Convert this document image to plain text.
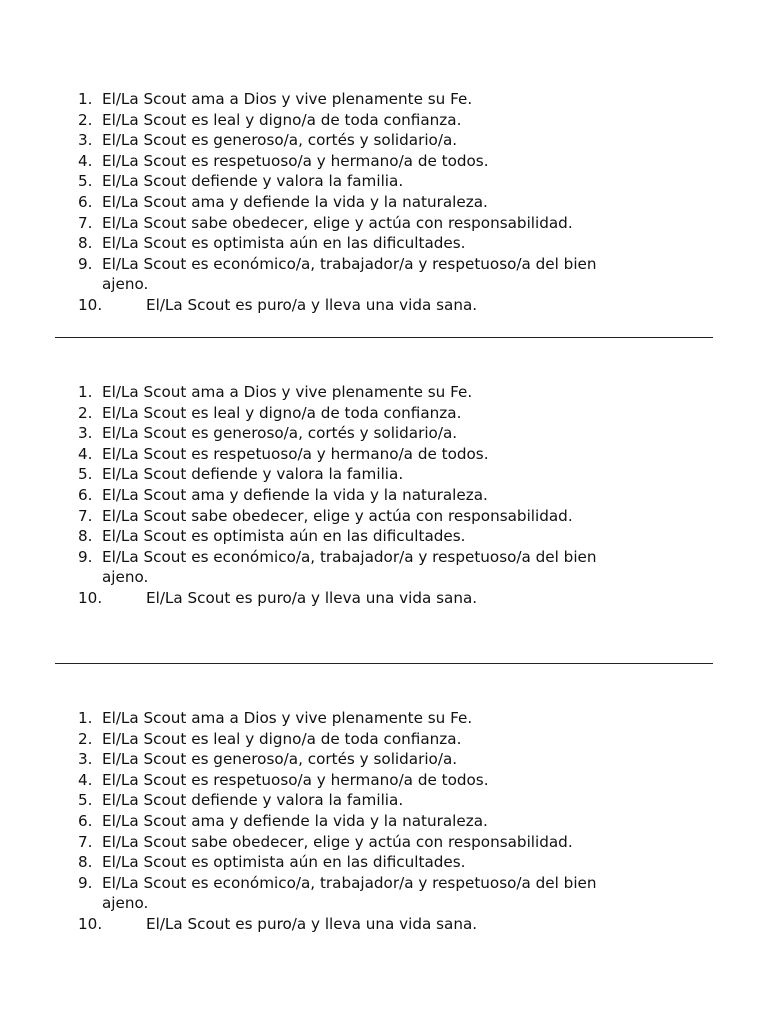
1. El/La Scout ama a Dios y vive plenamente su Fe.
2. El/La Scout es leal y digno/a de toda confianza.
3. El/La Scout es generoso/a, cortés y solidario/a.
4. El/La Scout es respetuoso/a y hermano/a de todos.
5. El/La Scout defiende y valora la familia.
6. El/La Scout ama y defiende la vida y la naturaleza.
7. El/La Scout sabe obedecer, elige y actúa con responsabilidad.
8. El/La Scout es optimista aún en las dificultades.
9. El/La Scout es económico/a, trabajador/a y respetuoso/a del bien
ajeno.
10.	El/La Scout es puro/a y lleva una vida sana.
1. El/La Scout ama a Dios y vive plenamente su Fe.
2. El/La Scout es leal y digno/a de toda confianza.
3. El/La Scout es generoso/a, cortés y solidario/a.
4. El/La Scout es respetuoso/a y hermano/a de todos.
5. El/La Scout defiende y valora la familia.
6. El/La Scout ama y defiende la vida y la naturaleza.
7. El/La Scout sabe obedecer, elige y actúa con responsabilidad.
8. El/La Scout es optimista aún en las dificultades.
9. El/La Scout es económico/a, trabajador/a y respetuoso/a del bien
ajeno.
10.	El/La Scout es puro/a y lleva una vida sana.
1. El/La Scout ama a Dios y vive plenamente su Fe.
2. El/La Scout es leal y digno/a de toda confianza.
3. El/La Scout es generoso/a, cortés y solidario/a.
4. El/La Scout es respetuoso/a y hermano/a de todos.
5. El/La Scout defiende y valora la familia.
6. El/La Scout ama y defiende la vida y la naturaleza.
7. El/La Scout sabe obedecer, elige y actúa con responsabilidad.
8. El/La Scout es optimista aún en las dificultades.
9. El/La Scout es económico/a, trabajador/a y respetuoso/a del bien
ajeno.
10.	El/La Scout es puro/a y lleva una vida sana.
